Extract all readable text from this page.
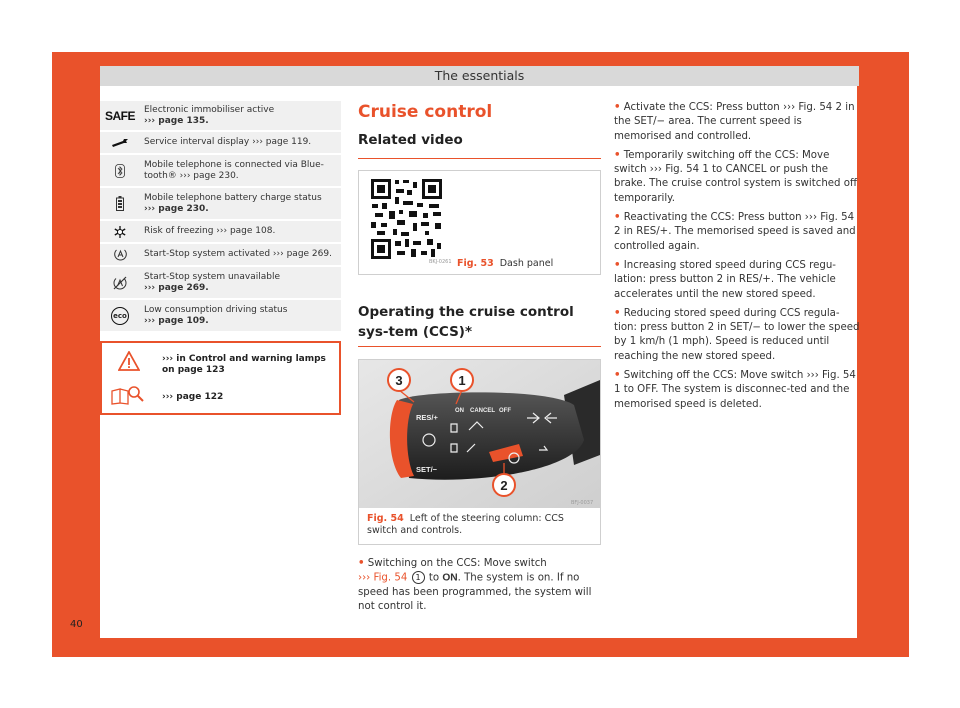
The essentials
SAFE	Electronic immobiliser active
››› page 135.
Service interval display ››› page 119.
Mobile telephone is connected via Blue-tooth® ››› page 230.
Mobile telephone battery charge status
››› page 230.
Risk of freezing ››› page 108.
Start-Stop system activated ››› page 269.
Start-Stop system unavailable
››› page 269.
eco
Low consumption driving status
››› page 109.
››› in Control and warning lamps on page 123
››› page 122
Cruise control
Related video
BKJ-0261 Fig. 53 Dash panel
Operating the cruise control sys-tem (CCS)*
RES/+
SET/−
ON CANCEL OFF
3	1
2
BFJ-0037
Fig. 54 Left of the steering column: CCS switch and controls.
• Switching on the CCS: Move switch
››› Fig. 54 1 to ON. The system is on. If no speed has been programmed, the system will not control it.
• Activate the CCS: Press button ››› Fig. 54 2 in the SET/− area. The current speed is memorised and controlled.
• Temporarily switching off the CCS: Move switch ››› Fig. 54 1 to CANCEL or push the brake. The cruise control system is switched off temporarily.
• Reactivating the CCS: Press button ››› Fig. 54 2 in RES/+. The memorised speed is saved and controlled again.
• Increasing stored speed during CCS regu-lation: press button 2 in RES/+. The vehicle accelerates until the new stored speed.
• Reducing stored speed during CCS regula-tion: press button 2 in SET/− to lower the speed by 1 km/h (1 mph). Speed is reduced until reaching the new stored speed.
• Switching off the CCS: Move switch ››› Fig. 54 1 to OFF. The system is disconnec-ted and the memorised speed is deleted.
40
